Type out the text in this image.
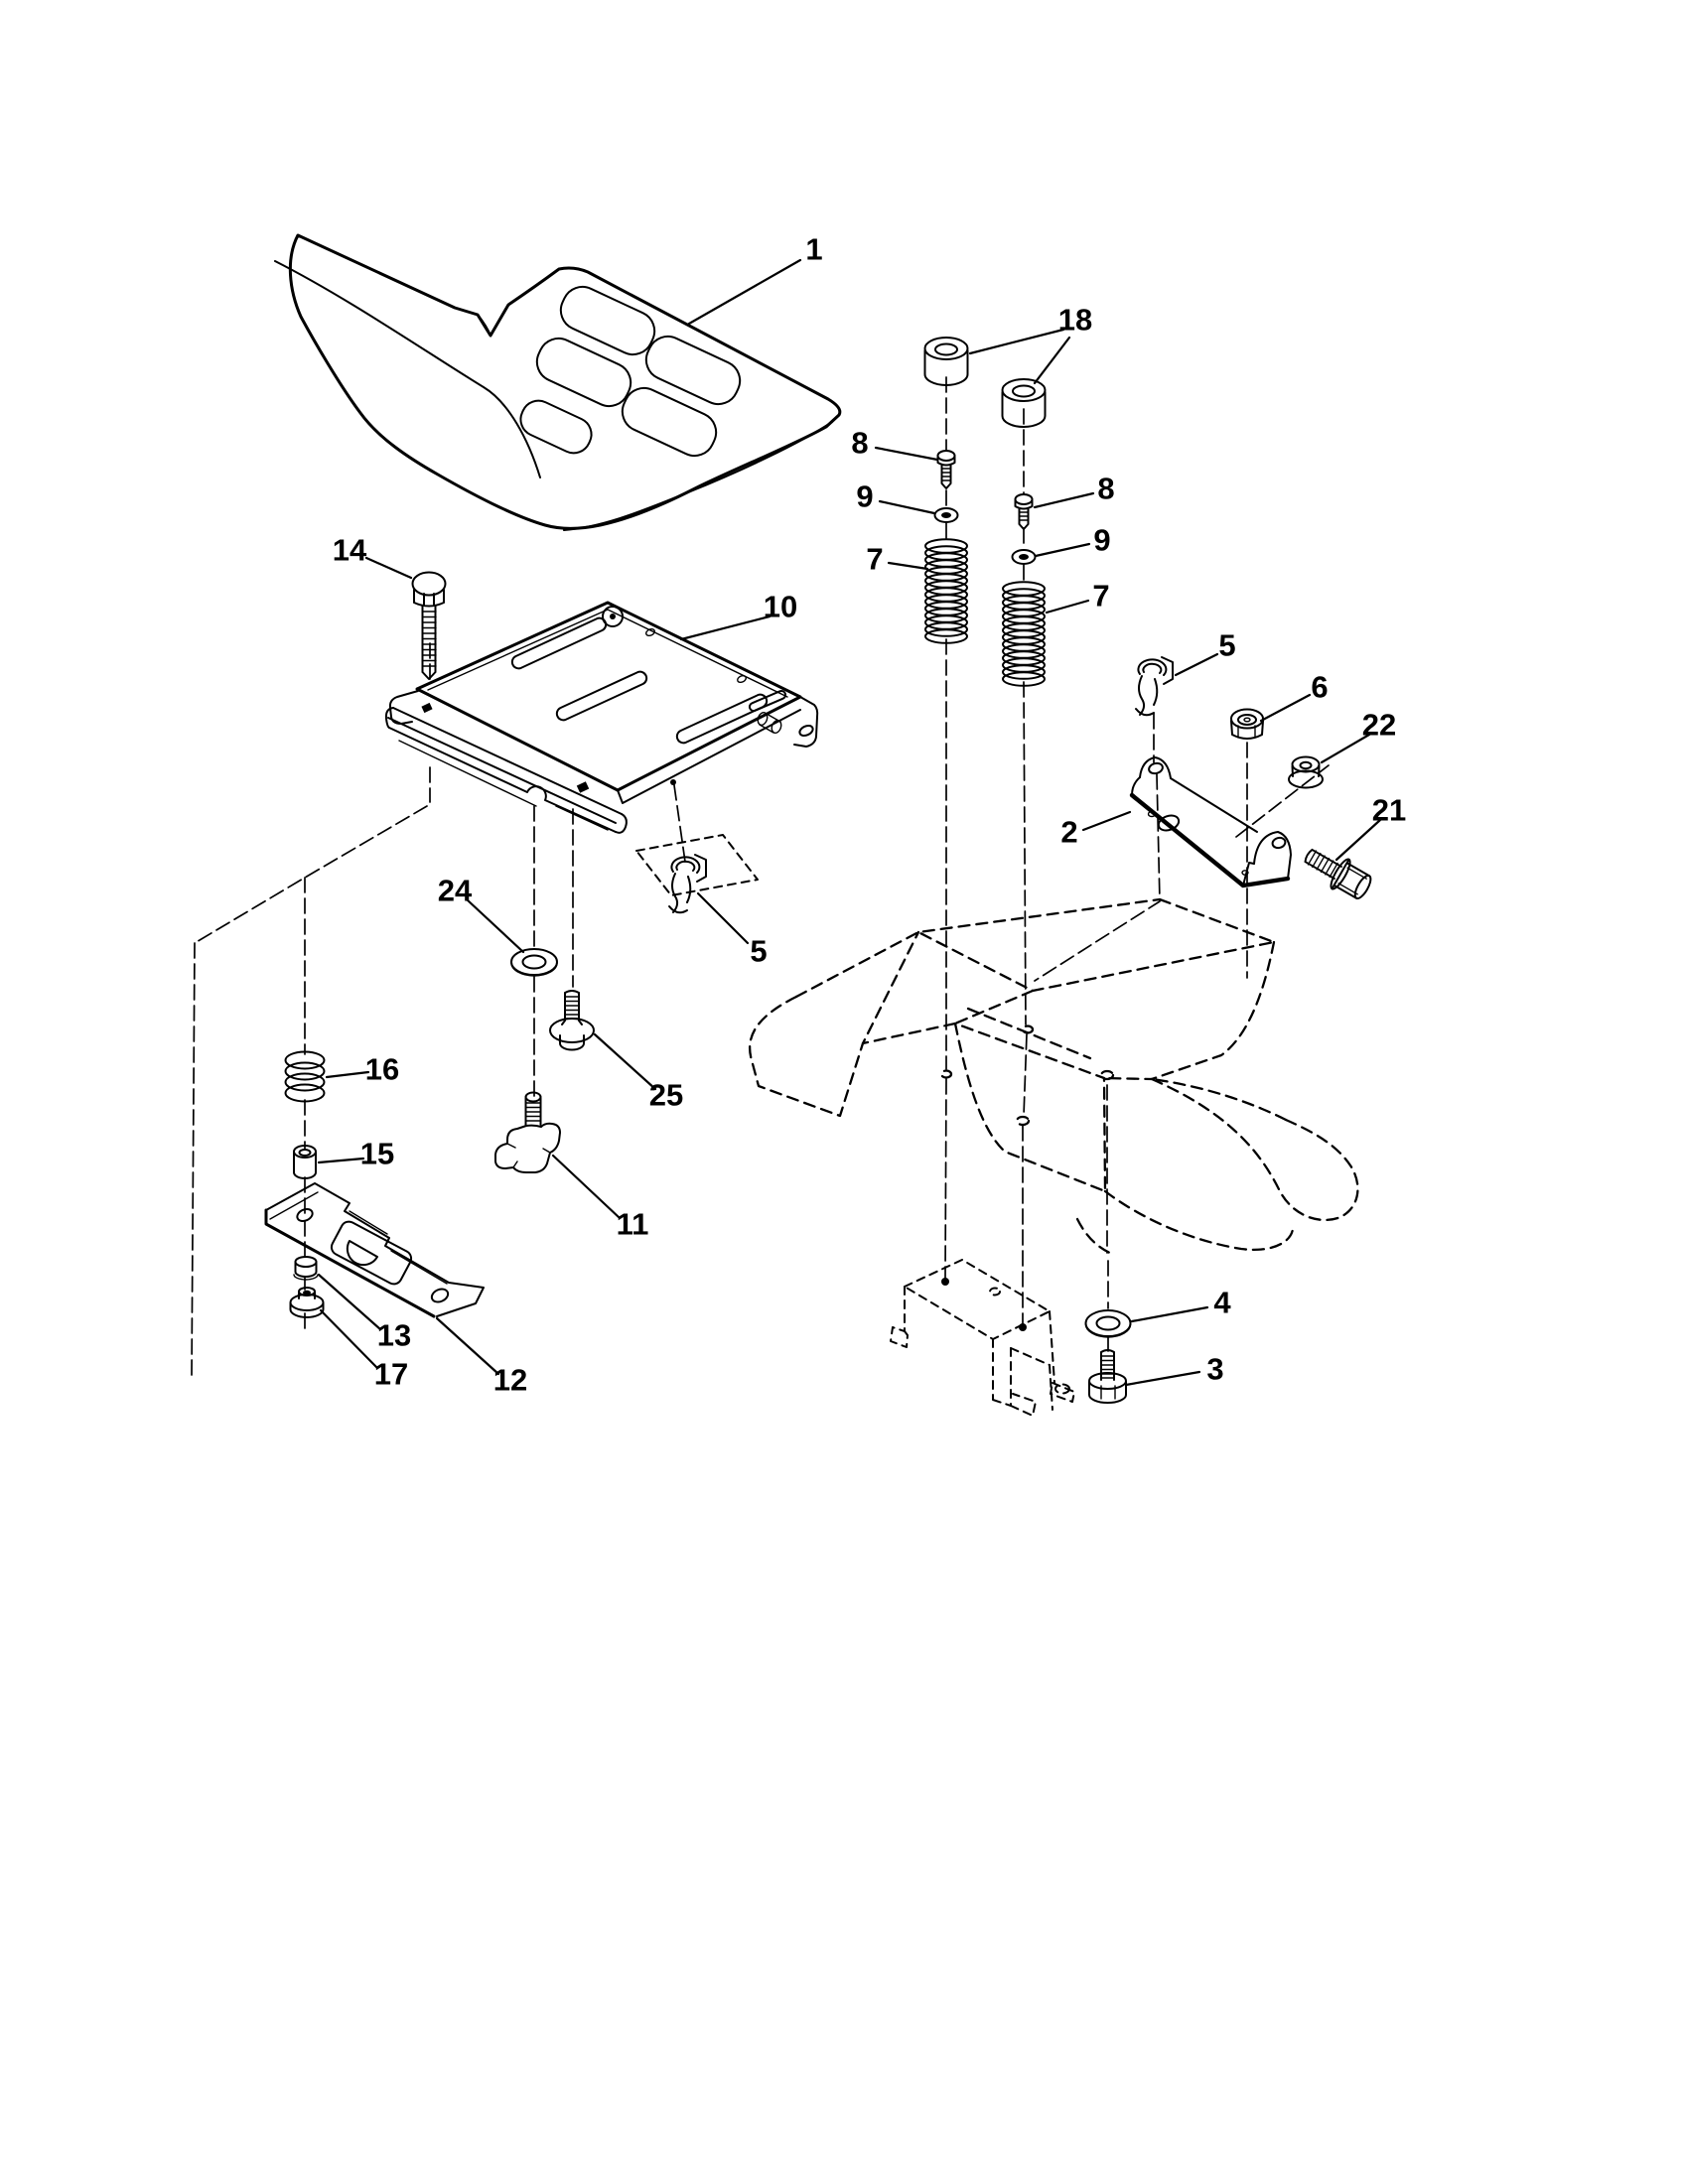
1
14
10
18
8
9
7
8
9
7
5
6
22
2
21
24
5
25
16
15
11
13
17	12
4
3
